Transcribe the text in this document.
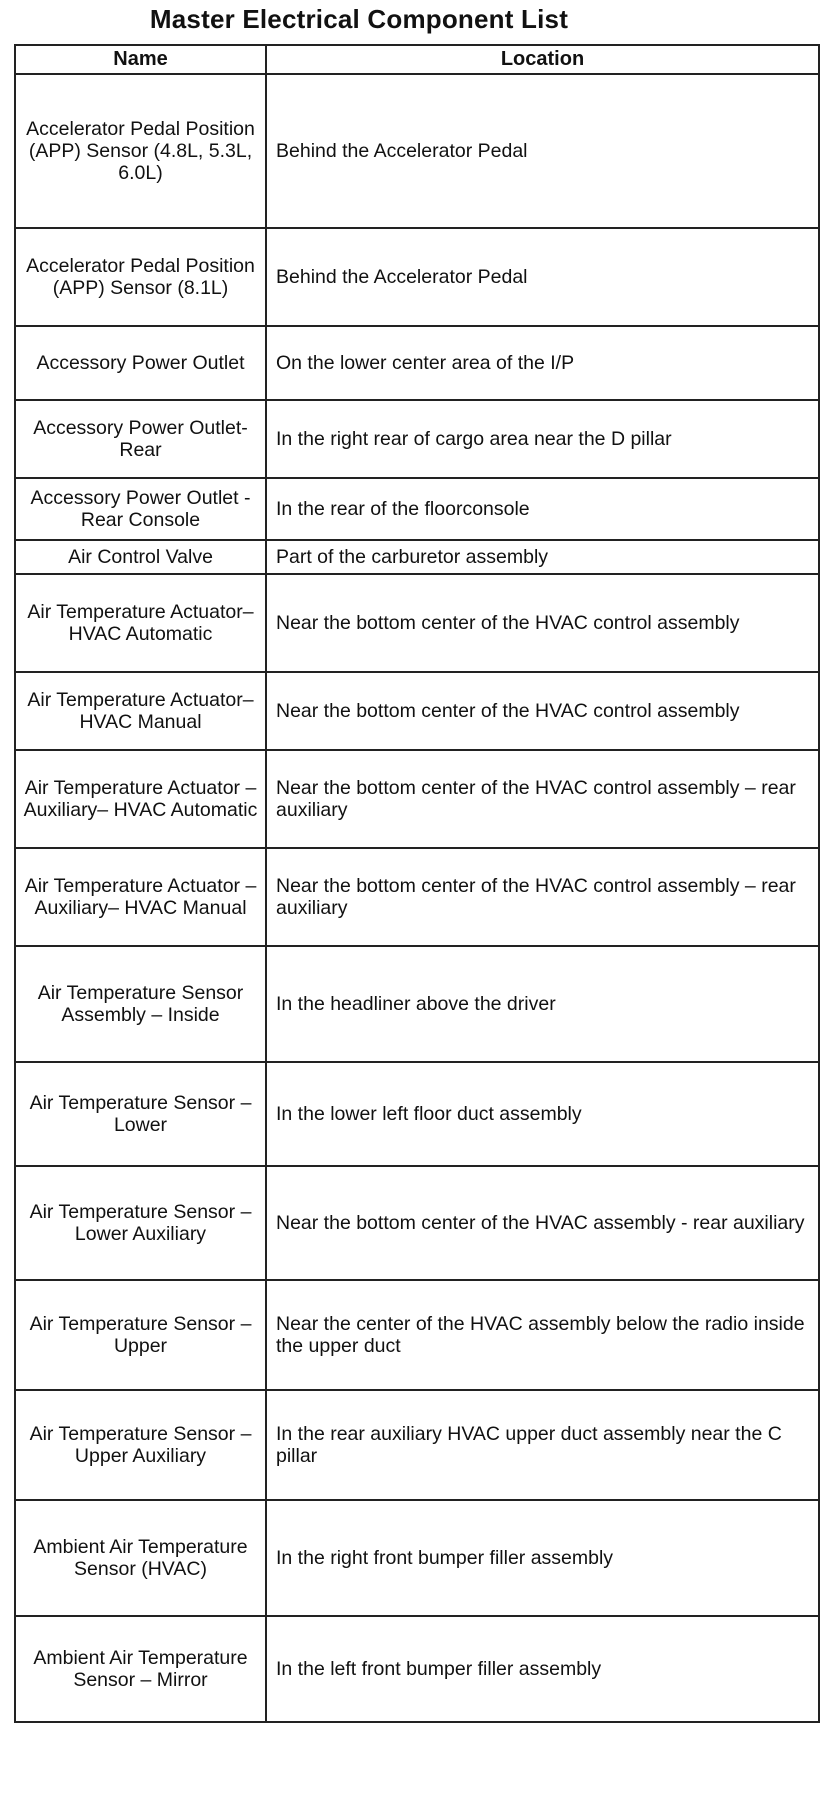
Master Electrical Component List
Name	Location
Accelerator Pedal Position (APP) Sensor (4.8L, 5.3L, 6.0L)	Behind the Accelerator Pedal
Accelerator Pedal Position (APP) Sensor (8.1L)	Behind the Accelerator Pedal
Accessory Power Outlet	On the lower center area of the I/P
Accessory Power Outlet- Rear	In the right rear of cargo area near the D pillar
Accessory Power Outlet - Rear Console	In the rear of the floorconsole
Air Control Valve	Part of the carburetor assembly
Air Temperature Actuator–HVAC Automatic	Near the bottom center of the HVAC control assembly
Air Temperature Actuator–HVAC Manual	Near the bottom center of the HVAC control assembly
Air Temperature Actuator – Auxiliary– HVAC Automatic	Near the bottom center of the HVAC control assembly – rear auxiliary
Air Temperature Actuator – Auxiliary– HVAC Manual	Near the bottom center of the HVAC control assembly – rear auxiliary
Air Temperature Sensor Assembly – Inside	In the headliner above the driver
Air Temperature Sensor – Lower	In the lower left floor duct assembly
Air Temperature Sensor – Lower Auxiliary	Near the bottom center of the HVAC assembly - rear auxiliary
Air Temperature Sensor – Upper	Near the center of the HVAC assembly below the radio inside the upper duct
Air Temperature Sensor – Upper Auxiliary	In the rear auxiliary HVAC upper duct assembly near the C pillar
Ambient Air Temperature Sensor (HVAC)	In the right front bumper filler assembly
Ambient Air Temperature Sensor – Mirror	In the left front bumper filler assembly
